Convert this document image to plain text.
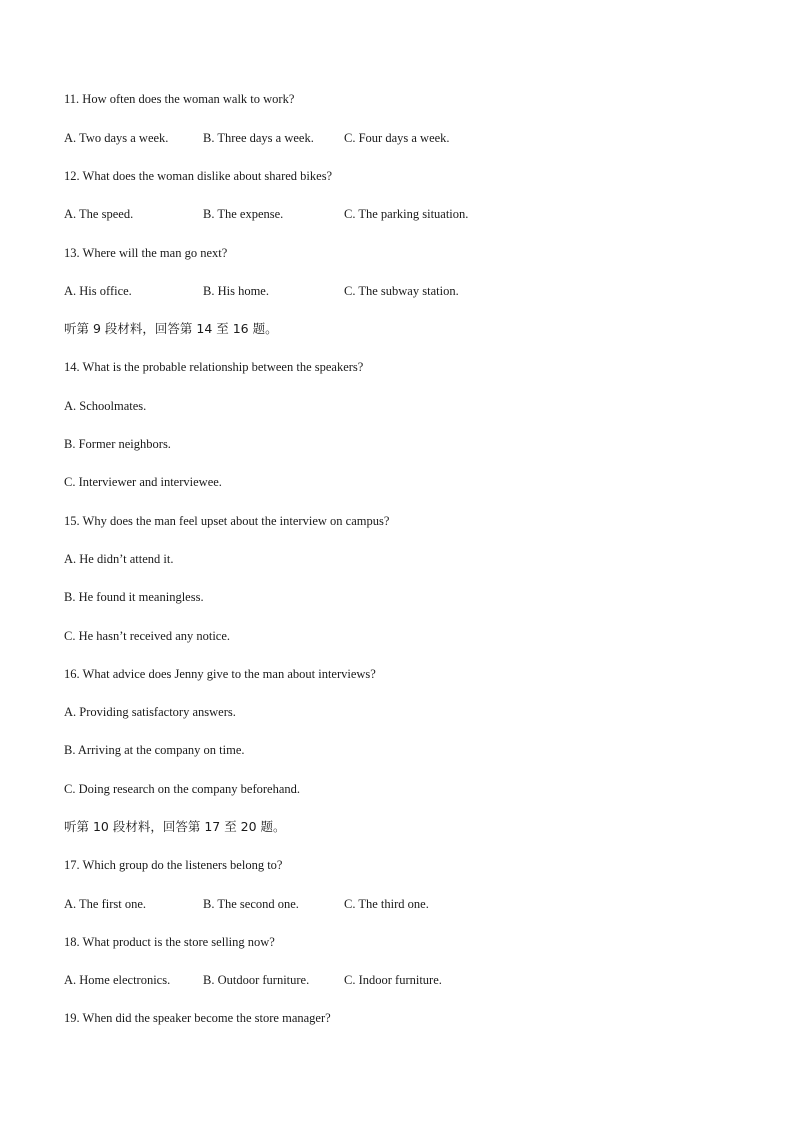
11. How often does the woman walk to work?
A. Two days a week.	B. Three days a week. C. Four days a week.
12. What does the woman dislike about shared bikes?
A. The speed.	B. The expense.	C. The parking situation.
13. Where will the man go next?
A. His office.	B. His home.	C. The subway station.
听第 9 段材料，回答第 14 至 16 题。
14. What is the probable relationship between the speakers?
A. Schoolmates.
B. Former neighbors.
C. Interviewer and interviewee.
15. Why does the man feel upset about the interview on campus?
A. He didn’t attend it.
B. He found it meaningless.
C. He hasn’t received any notice.
16. What advice does Jenny give to the man about interviews?
A. Providing satisfactory answers.
B. Arriving at the company on time.
C. Doing research on the company beforehand.
听第 10 段材料，回答第 17 至 20 题。
17. Which group do the listeners belong to?
A. The first one.	B. The second one.	C. The third one.
18. What product is the store selling now?
A. Home electronics.	B. Outdoor furniture.	C. Indoor furniture.
19. When did the speaker become the store manager?
